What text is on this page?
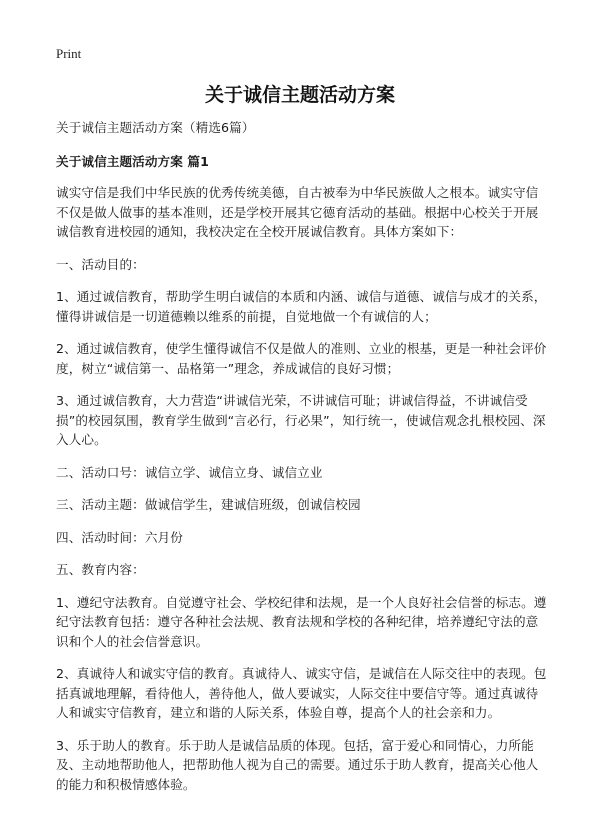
Print
关于诚信主题活动方案

关于诚信主题活动方案（精选6篇）

关于诚信主题活动方案 篇1

诚实守信是我们中华民族的优秀传统美德，自古被奉为中华民族做人之根本。诚实守信不仅是做人做事的基本准则，还是学校开展其它德育活动的基础。根据中心校关于开展诚信教育进校园的通知，我校决定在全校开展诚信教育。具体方案如下：

一、活动目的：

1、通过诚信教育，帮助学生明白诚信的本质和内涵、诚信与道德、诚信与成才的关系，懂得讲诚信是一切道德赖以维系的前提，自觉地做一个有诚信的人；

2、通过诚信教育，使学生懂得诚信不仅是做人的准则、立业的根基，更是一种社会评价度，树立“诚信第一、品格第一”理念，养成诚信的良好习惯；

3、通过诚信教育，大力营造“讲诚信光荣，不讲诚信可耻；讲诚信得益，不讲诚信受损”的校园氛围，教育学生做到“言必行，行必果”，知行统一，使诚信观念扎根校园、深入人心。

二、活动口号：诚信立学、诚信立身、诚信立业

三、活动主题：做诚信学生，建诚信班级，创诚信校园

四、活动时间：六月份

五、教育内容：

1、遵纪守法教育。自觉遵守社会、学校纪律和法规，是一个人良好社会信誉的标志。遵纪守法教育包括：遵守各种社会法规、教育法规和学校的各种纪律，培养遵纪守法的意识和个人的社会信誉意识。

2、真诚待人和诚实守信的教育。真诚待人、诚实守信，是诚信在人际交往中的表现。包括真诚地理解，看待他人，善待他人，做人要诚实，人际交往中要信守等。通过真诚待人和诚实守信教育，建立和谐的人际关系，体验自尊，提高个人的社会亲和力。

3、乐于助人的教育。乐于助人是诚信品质的体现。包括，富于爱心和同情心，力所能及、主动地帮助他人，把帮助他人视为自己的需要。通过乐于助人教育，提高关心他人的能力和积极情感体验。
